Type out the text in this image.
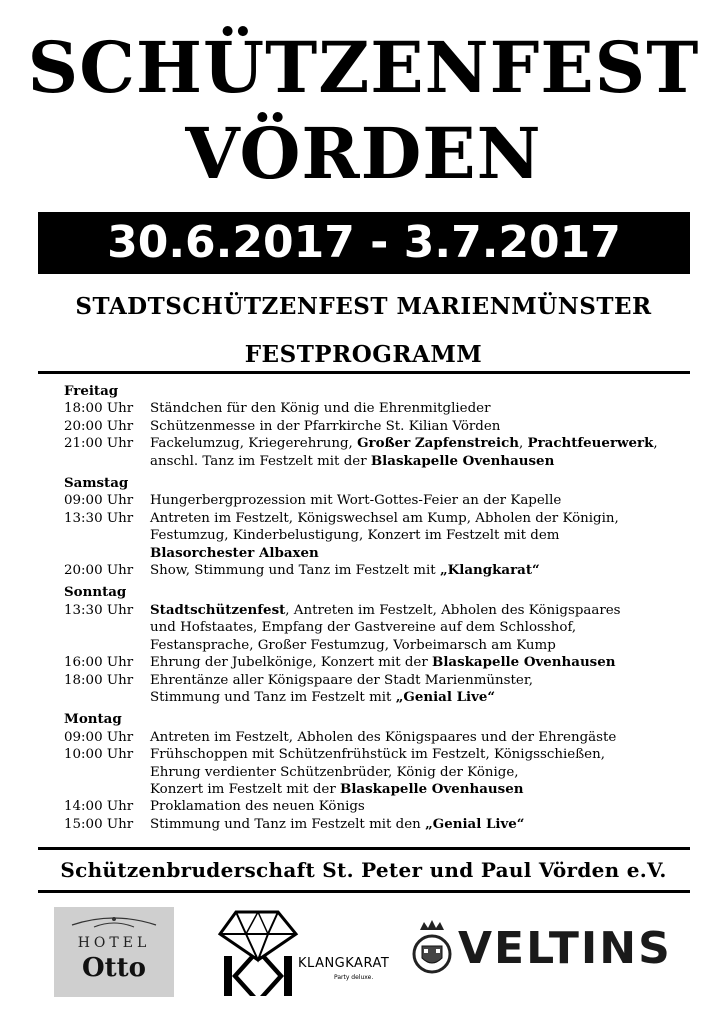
SCHÜTZENFEST
VÖRDEN
30.6.2017 - 3.7.2017
STADTSCHÜTZENFEST MARIENMÜNSTER
FESTPROGRAMM
Freitag
18:00 Uhr	Ständchen für den König und die Ehrenmitglieder
20:00 Uhr	Schützenmesse in der Pfarrkirche St. Kilian Vörden
21:00 Uhr	Fackelumzug, Kriegerehrung, Großer Zapfenstreich, Prachtfeuerwerk,
anschl. Tanz im Festzelt mit der Blaskapelle Ovenhausen
Samstag
09:00 Uhr	Hungerbergprozession mit Wort-Gottes-Feier an der Kapelle
13:30 Uhr	Antreten im Festzelt, Königswechsel am Kump, Abholen der Königin,
Festumzug, Kinderbelustigung, Konzert im Festzelt mit dem
Blasorchester Albaxen
20:00 Uhr	Show, Stimmung und Tanz im Festzelt mit „Klangkarat“
Sonntag
13:30 Uhr	Stadtschützenfest, Antreten im Festzelt, Abholen des Königspaares
und Hofstaates, Empfang der Gastvereine auf dem Schlosshof,
Festansprache, Großer Festumzug, Vorbeimarsch am Kump
16:00 Uhr	Ehrung der Jubelkönige, Konzert mit der Blaskapelle Ovenhausen
18:00 Uhr	Ehrentänze aller Königspaare der Stadt Marienmünster,
Stimmung und Tanz im Festzelt mit „Genial Live“
Montag
09:00 Uhr	Antreten im Festzelt, Abholen des Königspaares und der Ehrengäste
10:00 Uhr	Frühschoppen mit Schützenfrühstück im Festzelt, Königsschießen,
Ehrung verdienter Schützenbrüder, König der Könige,
Konzert im Festzelt mit der Blaskapelle Ovenhausen
14:00 Uhr	Proklamation des neuen Königs
15:00 Uhr	Stimmung und Tanz im Festzelt mit den „Genial Live“
Schützenbruderschaft St. Peter und Paul Vörden e.V.
HOTEL
Otto	KLANGKARAT
Party deluxe.
VELTINS
